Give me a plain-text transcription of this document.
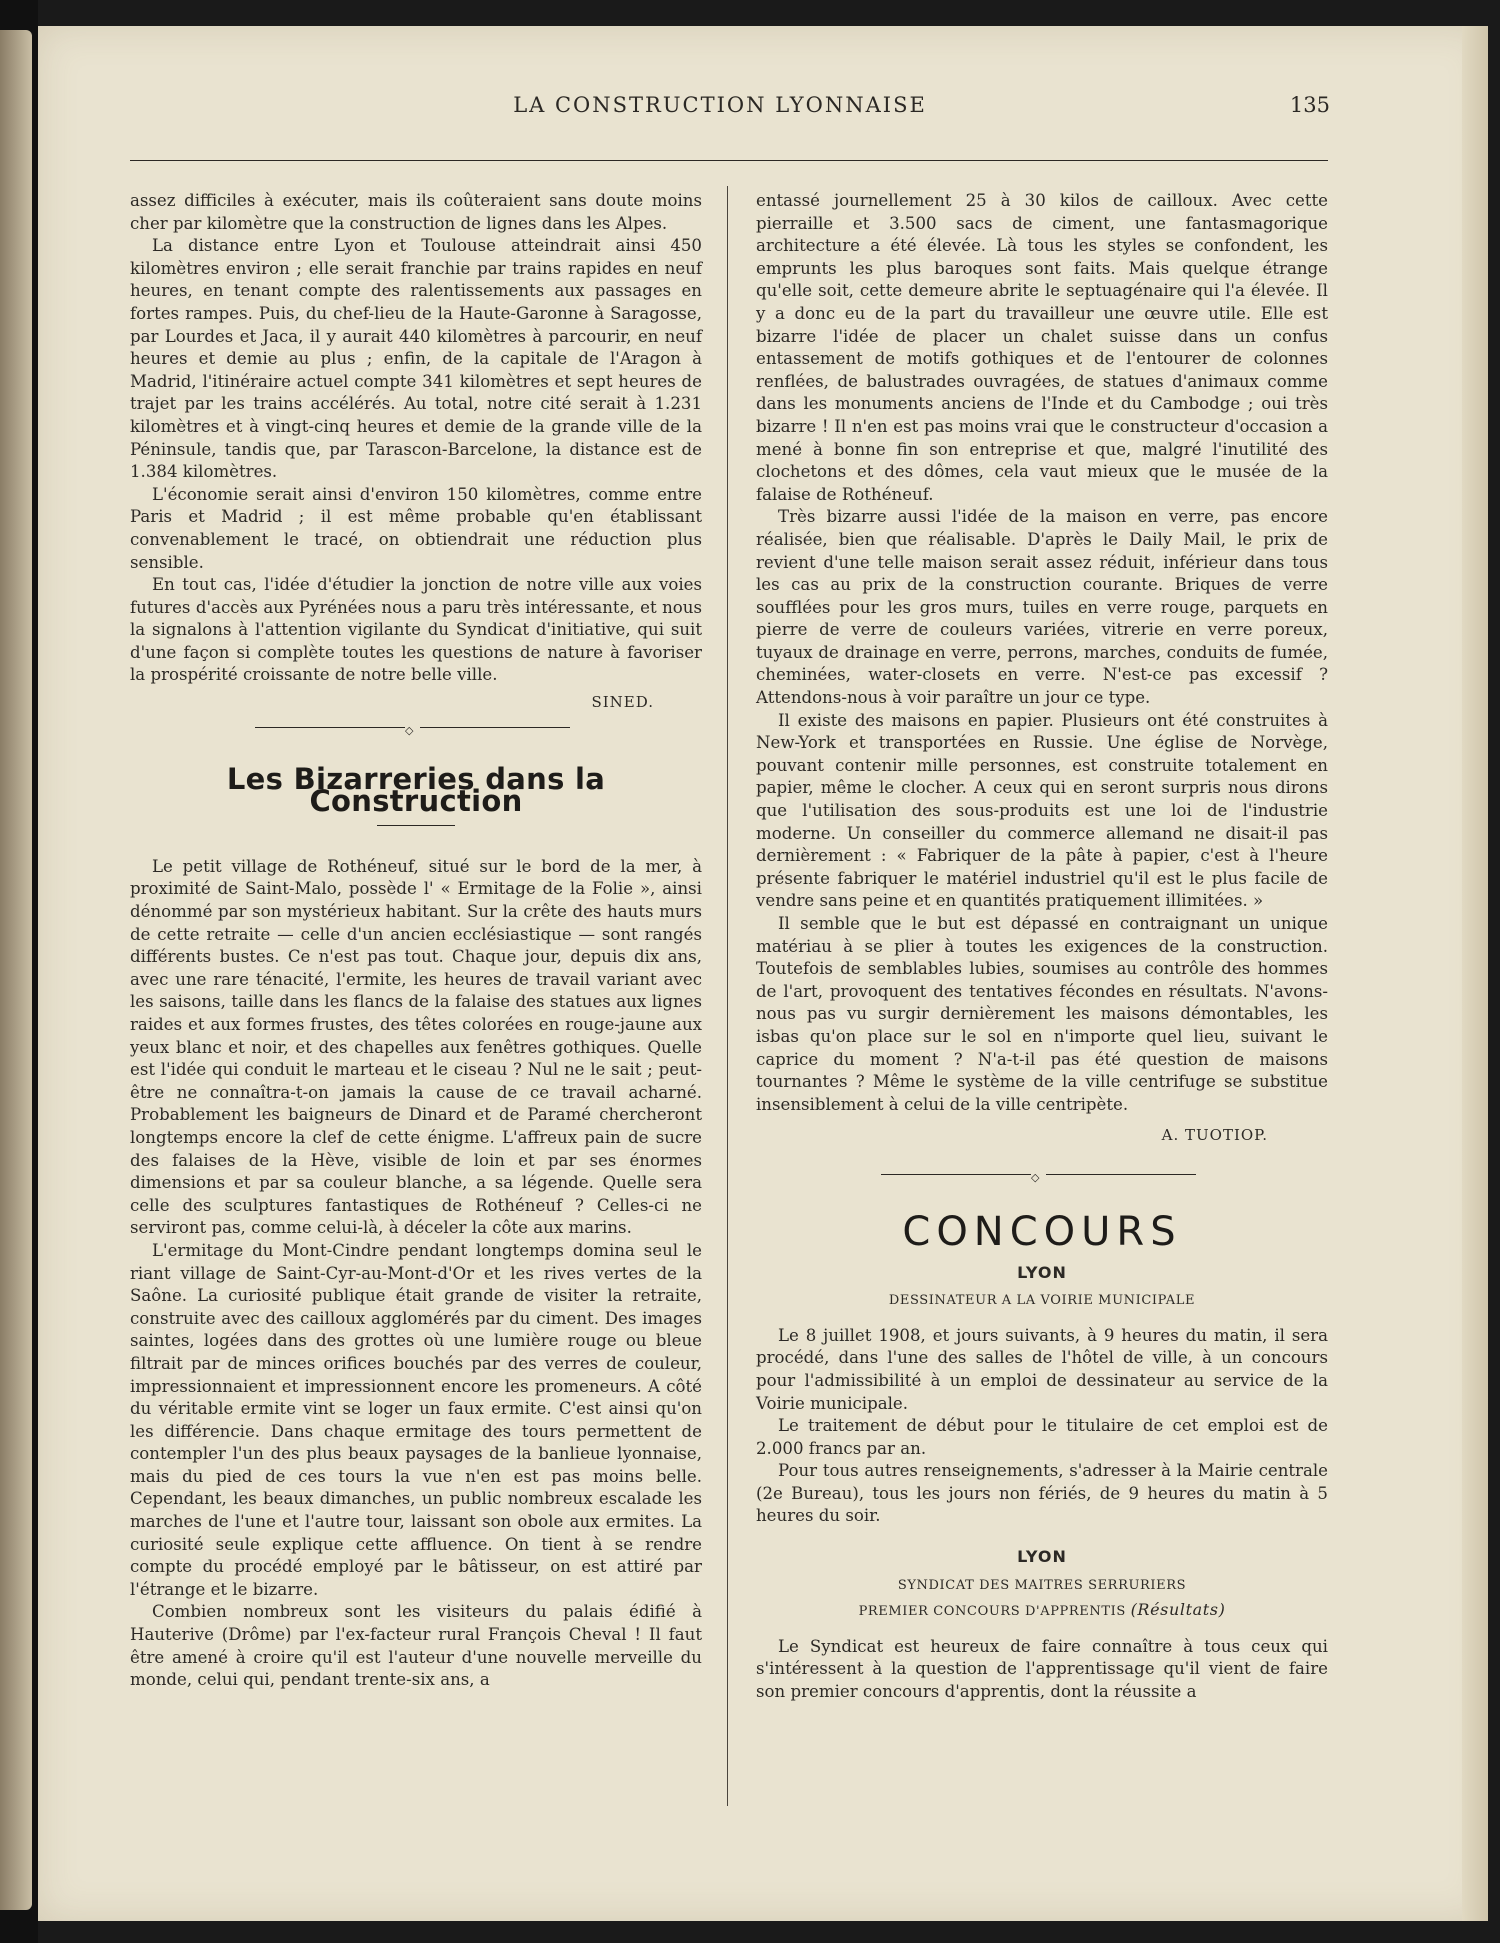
LA CONSTRUCTION LYONNAISE	135

assez difficiles à exécuter, mais ils coûteraient sans doute moins cher par kilomètre que la construction de lignes dans les Alpes.

La distance entre Lyon et Toulouse atteindrait ainsi 450 kilomètres environ ; elle serait franchie par trains rapides en neuf heures, en tenant compte des ralentissements aux passages en fortes rampes. Puis, du chef-lieu de la Haute-Garonne à Saragosse, par Lourdes et Jaca, il y aurait 440 kilomètres à parcourir, en neuf heures et demie au plus ; enfin, de la capitale de l'Aragon à Madrid, l'itinéraire actuel compte 341 kilomètres et sept heures de trajet par les trains accélérés. Au total, notre cité serait à 1.231 kilomètres et à vingt-cinq heures et demie de la grande ville de la Péninsule, tandis que, par Tarascon-Barcelone, la distance est de 1.384 kilomètres.

L'économie serait ainsi d'environ 150 kilomètres, comme entre Paris et Madrid ; il est même probable qu'en établissant convenablement le tracé, on obtiendrait une réduction plus sensible.

En tout cas, l'idée d'étudier la jonction de notre ville aux voies futures d'accès aux Pyrénées nous a paru très intéressante, et nous la signalons à l'attention vigilante du Syndicat d'initiative, qui suit d'une façon si complète toutes les questions de nature à favoriser la prospérité croissante de notre belle ville.

SINED.
◇
Les Bizarreries dans la Construction

Le petit village de Rothéneuf, situé sur le bord de la mer, à proximité de Saint-Malo, possède l' « Ermitage de la Folie », ainsi dénommé par son mystérieux habitant. Sur la crête des hauts murs de cette retraite — celle d'un ancien ecclésiastique — sont rangés différents bustes. Ce n'est pas tout. Chaque jour, depuis dix ans, avec une rare ténacité, l'ermite, les heures de travail variant avec les saisons, taille dans les flancs de la falaise des statues aux lignes raides et aux formes frustes, des têtes colorées en rouge-jaune aux yeux blanc et noir, et des chapelles aux fenêtres gothiques. Quelle est l'idée qui conduit le marteau et le ciseau ? Nul ne le sait ; peut-être ne connaîtra-t-on jamais la cause de ce travail acharné. Probablement les baigneurs de Dinard et de Paramé chercheront longtemps encore la clef de cette énigme. L'affreux pain de sucre des falaises de la Hève, visible de loin et par ses énormes dimensions et par sa couleur blanche, a sa légende. Quelle sera celle des sculptures fantastiques de Rothéneuf ? Celles-ci ne serviront pas, comme celui-là, à déceler la côte aux marins.

L'ermitage du Mont-Cindre pendant longtemps domina seul le riant village de Saint-Cyr-au-Mont-d'Or et les rives vertes de la Saône. La curiosité publique était grande de visiter la retraite, construite avec des cailloux agglomérés par du ciment. Des images saintes, logées dans des grottes où une lumière rouge ou bleue filtrait par de minces orifices bouchés par des verres de couleur, impressionnaient et impressionnent encore les promeneurs. A côté du véritable ermite vint se loger un faux ermite. C'est ainsi qu'on les différencie. Dans chaque ermitage des tours permettent de contempler l'un des plus beaux paysages de la banlieue lyonnaise, mais du pied de ces tours la vue n'en est pas moins belle. Cependant, les beaux dimanches, un public nombreux escalade les marches de l'une et l'autre tour, laissant son obole aux ermites. La curiosité seule explique cette affluence. On tient à se rendre compte du procédé employé par le bâtisseur, on est attiré par l'étrange et le bizarre.

Combien nombreux sont les visiteurs du palais édifié à Hauterive (Drôme) par l'ex-facteur rural François Cheval ! Il faut être amené à croire qu'il est l'auteur d'une nouvelle merveille du monde, celui qui, pendant trente-six ans, a

entassé journellement 25 à 30 kilos de cailloux. Avec cette pierraille et 3.500 sacs de ciment, une fantasmagorique architecture a été élevée. Là tous les styles se confondent, les emprunts les plus baroques sont faits. Mais quelque étrange qu'elle soit, cette demeure abrite le septuagénaire qui l'a élevée. Il y a donc eu de la part du travailleur une œuvre utile. Elle est bizarre l'idée de placer un chalet suisse dans un confus entassement de motifs gothiques et de l'entourer de colonnes renflées, de balustrades ouvragées, de statues d'animaux comme dans les monuments anciens de l'Inde et du Cambodge ; oui très bizarre ! Il n'en est pas moins vrai que le constructeur d'occasion a mené à bonne fin son entreprise et que, malgré l'inutilité des clochetons et des dômes, cela vaut mieux que le musée de la falaise de Rothéneuf.

Très bizarre aussi l'idée de la maison en verre, pas encore réalisée, bien que réalisable. D'après le Daily Mail, le prix de revient d'une telle maison serait assez réduit, inférieur dans tous les cas au prix de la construction courante. Briques de verre soufflées pour les gros murs, tuiles en verre rouge, parquets en pierre de verre de couleurs variées, vitrerie en verre poreux, tuyaux de drainage en verre, perrons, marches, conduits de fumée, cheminées, water-closets en verre. N'est-ce pas excessif ? Attendons-nous à voir paraître un jour ce type.

Il existe des maisons en papier. Plusieurs ont été construites à New-York et transportées en Russie. Une église de Norvège, pouvant contenir mille personnes, est construite totalement en papier, même le clocher. A ceux qui en seront surpris nous dirons que l'utilisation des sous-produits est une loi de l'industrie moderne. Un conseiller du commerce allemand ne disait-il pas dernièrement : « Fabriquer de la pâte à papier, c'est à l'heure présente fabriquer le matériel industriel qu'il est le plus facile de vendre sans peine et en quantités pratiquement illimitées. »

Il semble que le but est dépassé en contraignant un unique matériau à se plier à toutes les exigences de la construction. Toutefois de semblables lubies, soumises au contrôle des hommes de l'art, provoquent des tentatives fécondes en résultats. N'avons-nous pas vu surgir dernièrement les maisons démontables, les isbas qu'on place sur le sol en n'importe quel lieu, suivant le caprice du moment ? N'a-t-il pas été question de maisons tournantes ? Même le système de la ville centrifuge se substitue insensiblement à celui de la ville centripète.

A. TUOTIOP.
◇
CONCOURS
LYON
DESSINATEUR A LA VOIRIE MUNICIPALE

Le 8 juillet 1908, et jours suivants, à 9 heures du matin, il sera procédé, dans l'une des salles de l'hôtel de ville, à un concours pour l'admissibilité à un emploi de dessinateur au service de la Voirie municipale.

Le traitement de début pour le titulaire de cet emploi est de 2.000 francs par an.

Pour tous autres renseignements, s'adresser à la Mairie centrale (2e Bureau), tous les jours non fériés, de 9 heures du matin à 5 heures du soir.

LYON
SYNDICAT DES MAITRES SERRURIERS
PREMIER CONCOURS D'APPRENTIS (Résultats)

Le Syndicat est heureux de faire connaître à tous ceux qui s'intéressent à la question de l'apprentissage qu'il vient de faire son premier concours d'apprentis, dont la réussite a
